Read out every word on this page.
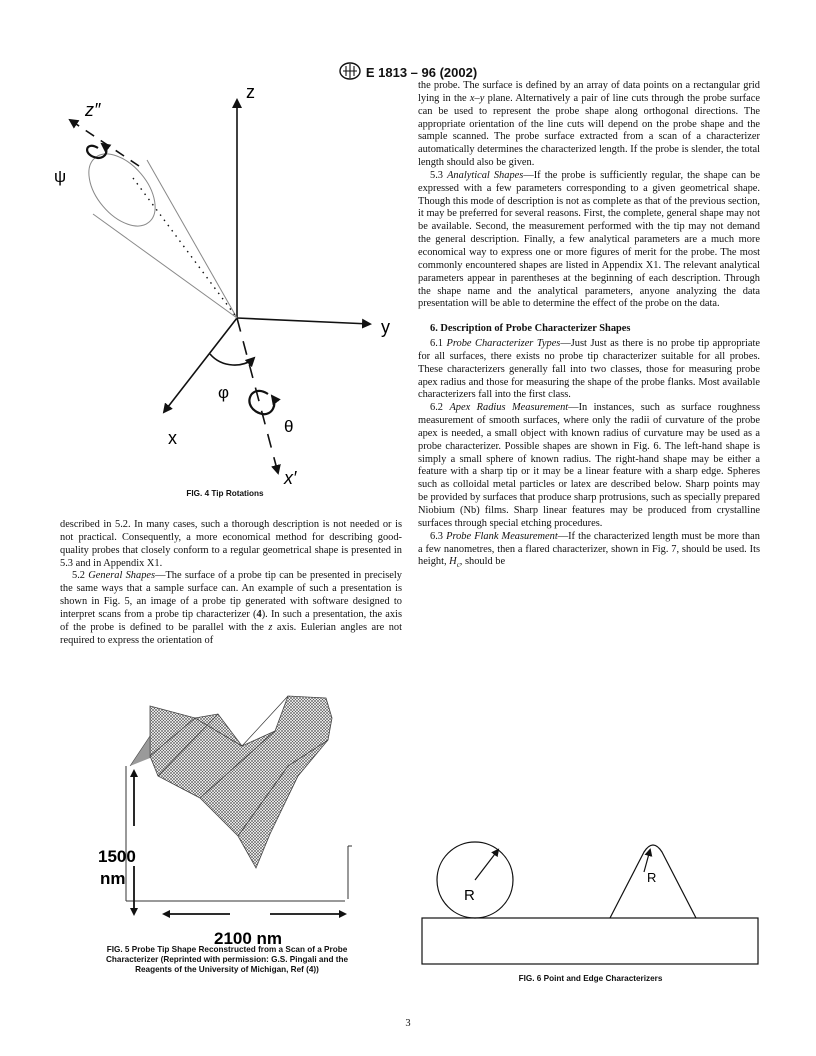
E 1813 – 96 (2002)
z
y
x
x′
z″
ψ
φ
θ
FIG. 4 Tip Rotations

described in 5.2. In many cases, such a thorough description is not needed or is not practical. Consequently, a more economical method for describing good-quality probes that closely conform to a regular geometrical shape is presented in 5.3 and in Appendix X1.

5.2 General Shapes—The surface of a probe tip can be presented in precisely the same ways that a sample surface can. An example of such a presentation is shown in Fig. 5, an image of a probe tip generated with software designed to interpret scans from a probe tip characterizer (4). In such a presentation, the axis of the probe is defined to be parallel with the z axis. Eulerian angles are not required to express the orientation of

1500
nm
2100 nm
FIG. 5 Probe Tip Shape Reconstructed from a Scan of a Probe
Characterizer (Reprinted with permission: G.S. Pingali and the
Reagents of the University of Michigan, Ref (4))

the probe. The surface is defined by an array of data points on a rectangular grid lying in the x–y plane. Alternatively a pair of line cuts through the probe surface can be used to represent the probe shape along orthogonal directions. The appropriate orientation of the line cuts will depend on the probe shape and the sample scanned. The probe surface extracted from a scan of a characterizer automatically determines the characterized length. If the probe is slender, the total length should also be given.

5.3 Analytical Shapes—If the probe is sufficiently regular, the shape can be expressed with a few parameters corresponding to a given geometrical shape. Though this mode of description is not as complete as that of the previous section, it may be preferred for several reasons. First, the complete, general shape may not be available. Second, the measurement performed with the tip may not demand the general description. Finally, a few analytical parameters are a much more economical way to express one or more figures of merit for the probe. The most commonly encountered shapes are listed in Appendix X1. The relevant analytical parameters appear in parentheses at the beginning of each description. Through the shape name and the analytical parameters, anyone analyzing the data presentation will be able to determine the effect of the probe on the data.

6. Description of Probe Characterizer Shapes

6.1 Probe Characterizer Types—Just Just as there is no probe tip appropriate for all surfaces, there exists no probe tip characterizer suitable for all probes. These characterizers generally fall into two classes, those for measuring probe apex radius and those for measuring the shape of the probe flanks. Most available characterizers fall into the first class.

6.2 Apex Radius Measurement—In instances, such as surface roughness measurement of smooth surfaces, where only the radii of curvature of the probe apex is needed, a small object with known radius of curvature may be used as a probe characterizer. Possible shapes are shown in Fig. 6. The left-hand shape is simply a small sphere of known radius. The right-hand shape may be either a feature with a sharp tip or it may be a linear feature with a sharp edge. Spheres such as colloidal metal particles or latex are described below. Sharp points may be provided by surfaces that produce sharp protrusions, such as specially prepared Niobium (Nb) films. Sharp linear features may be produced from crystalline surfaces through special etching procedures.

6.3 Probe Flank Measurement—If the characterized length must be more than a few nanometres, then a flared characterizer, shown in Fig. 7, should be used. Its height, $H_c$, should be

R
R
FIG. 6 Point and Edge Characterizers
3
